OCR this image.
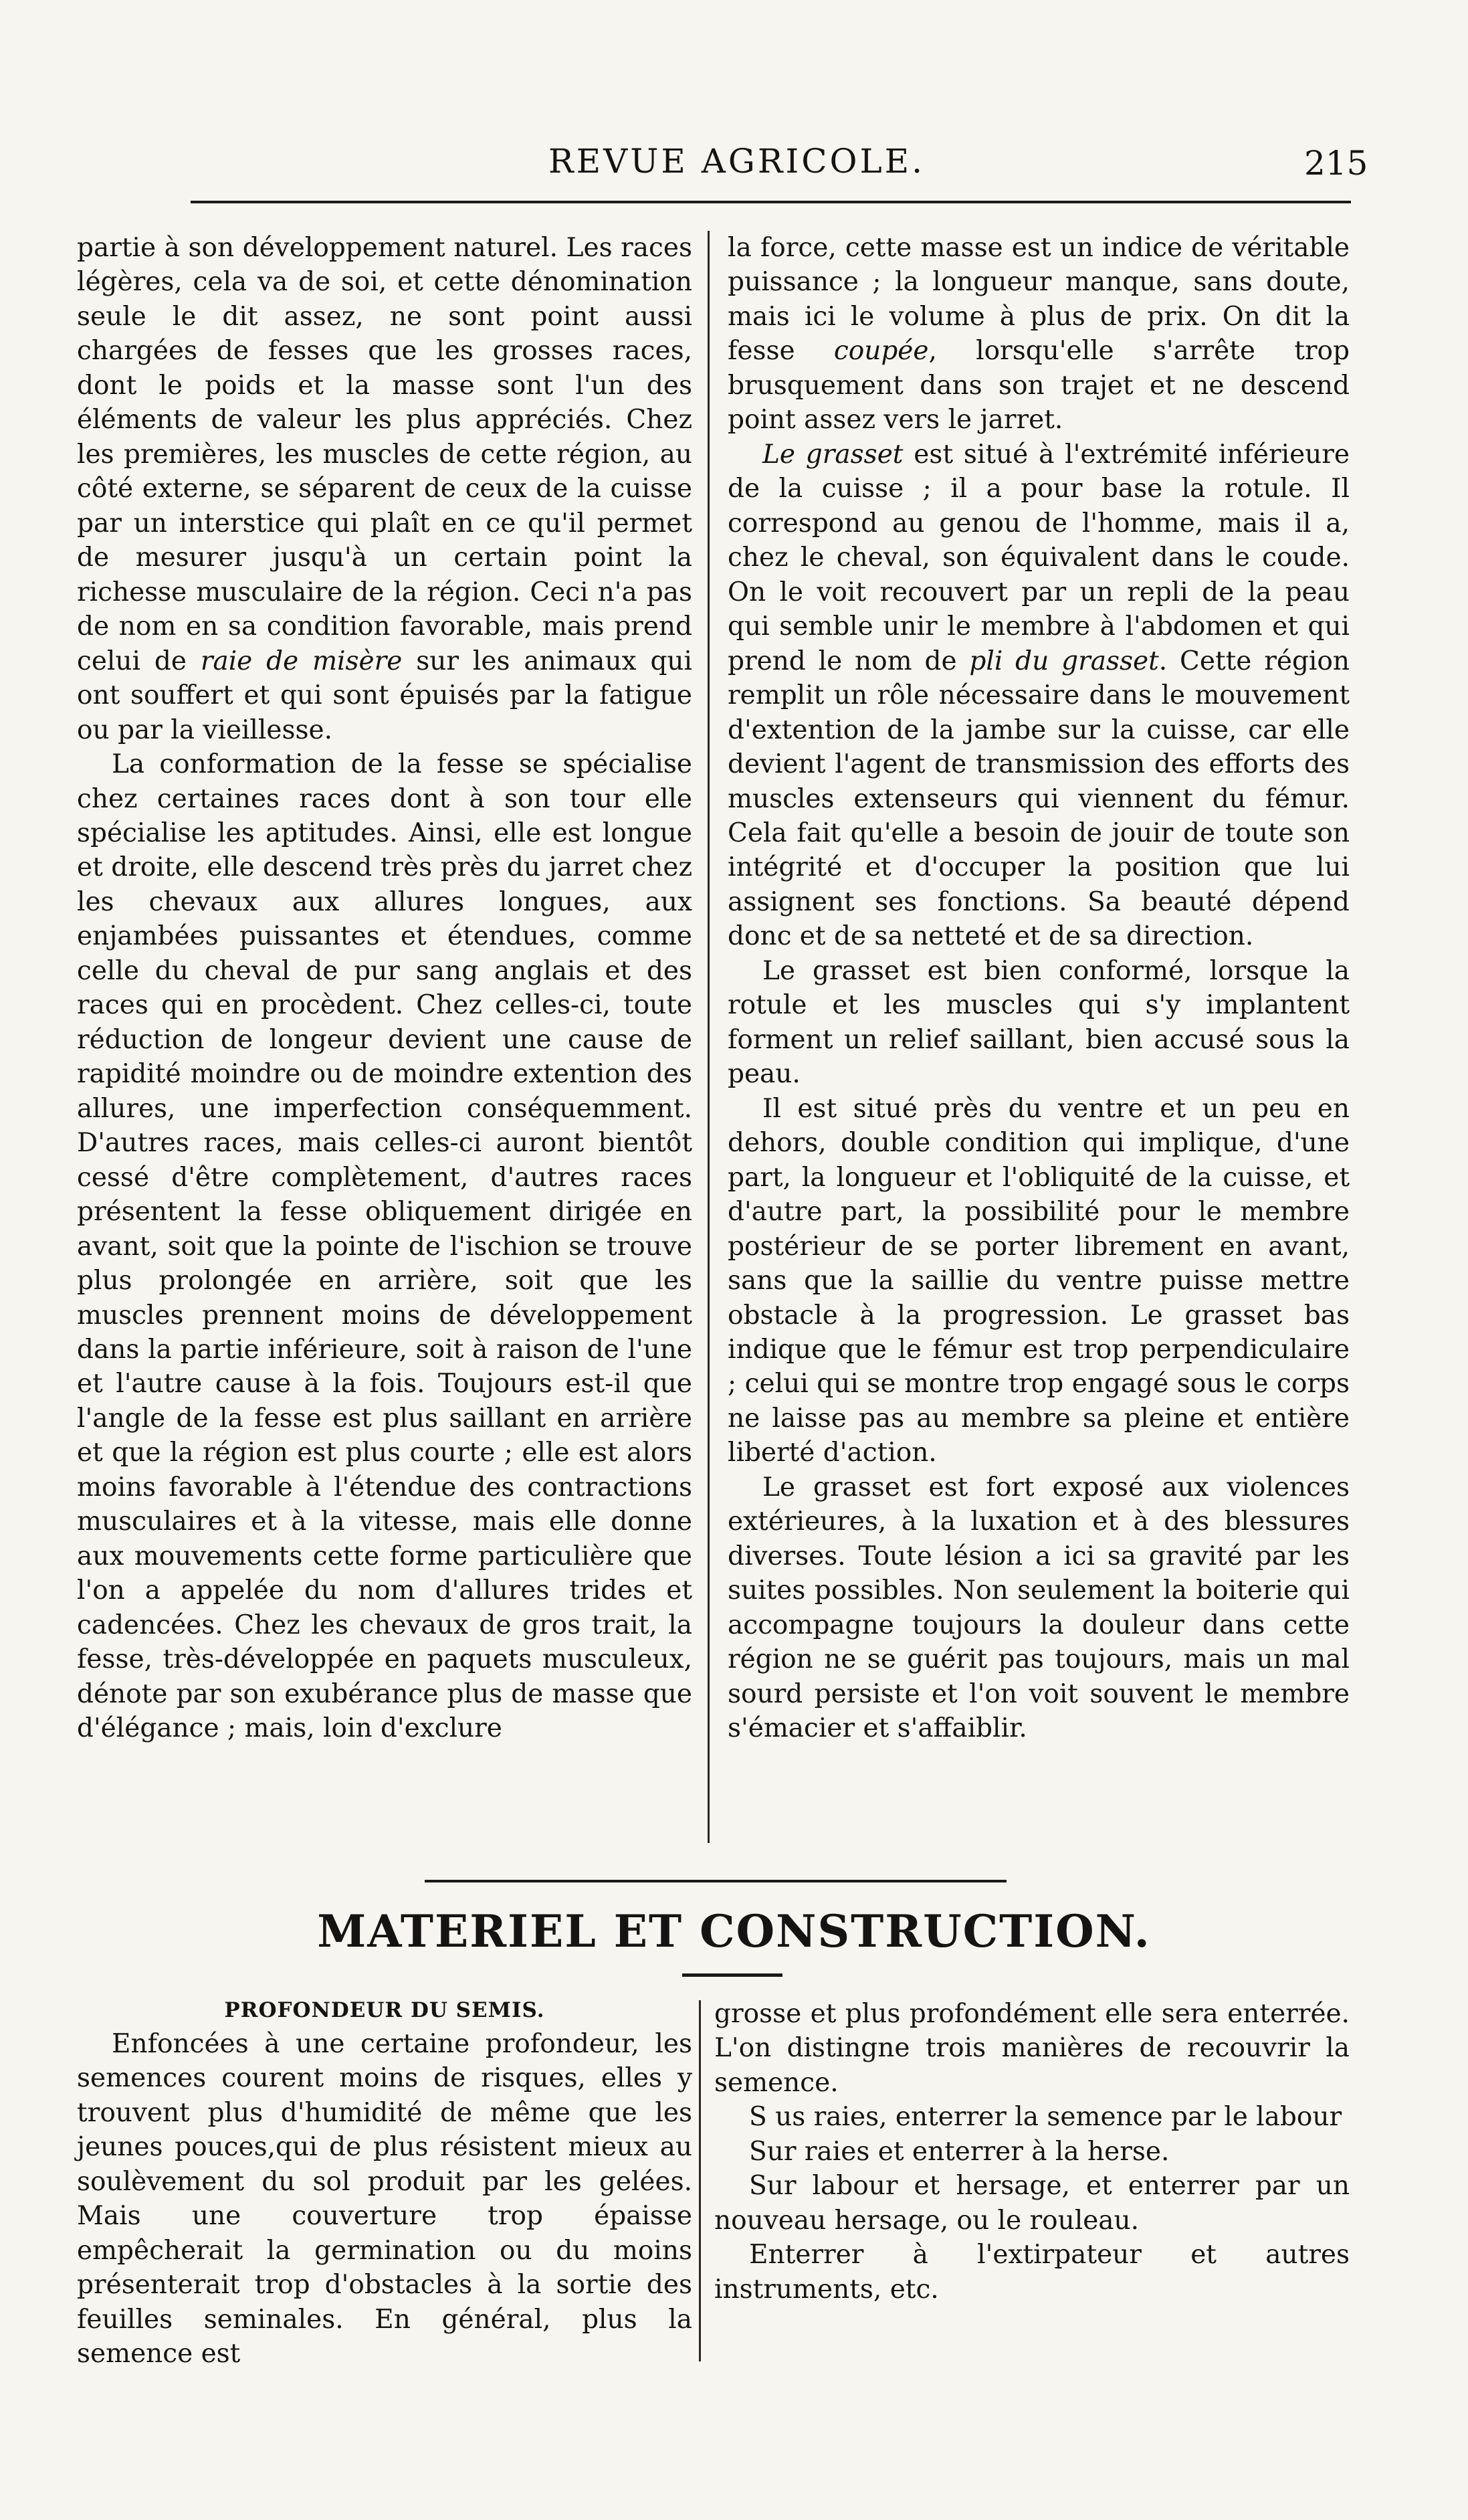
REVUE AGRICOLE.	215

partie à son développement naturel. Les races légères, cela va de soi, et cette dénomination seule le dit assez, ne sont point aussi chargées de fesses que les grosses races, dont le poids et la masse sont l'un des éléments de valeur les plus appréciés. Chez les premières, les muscles de cette région, au côté externe, se séparent de ceux de la cuisse par un interstice qui plaît en ce qu'il permet de mesurer jusqu'à un certain point la richesse musculaire de la région. Ceci n'a pas de nom en sa condition favorable, mais prend celui de raie de misère sur les animaux qui ont souffert et qui sont épuisés par la fatigue ou par la vieillesse.

La conformation de la fesse se spécialise chez certaines races dont à son tour elle spécialise les aptitudes. Ainsi, elle est longue et droite, elle descend très près du jarret chez les chevaux aux allures longues, aux enjambées puissantes et étendues, comme celle du cheval de pur sang anglais et des races qui en procèdent. Chez celles-ci, toute réduction de longeur devient une cause de rapidité moindre ou de moindre extention des allures, une imperfection conséquemment. D'autres races, mais celles-ci auront bientôt cessé d'être complètement, d'autres races présentent la fesse obliquement dirigée en avant, soit que la pointe de l'ischion se trouve plus prolongée en arrière, soit que les muscles prennent moins de développement dans la partie inférieure, soit à raison de l'une et l'autre cause à la fois. Toujours est-il que l'angle de la fesse est plus saillant en arrière et que la région est plus courte ; elle est alors moins favorable à l'étendue des contractions musculaires et à la vitesse, mais elle donne aux mouvements cette forme particulière que l'on a appelée du nom d'allures trides et cadencées. Chez les chevaux de gros trait, la fesse, très-développée en paquets musculeux, dénote par son exubérance plus de masse que d'élégance ; mais, loin d'exclure

la force, cette masse est un indice de véritable puissance ; la longueur manque, sans doute, mais ici le volume à plus de prix. On dit la fesse coupée, lorsqu'elle s'arrête trop brusquement dans son trajet et ne descend point assez vers le jarret.

Le grasset est situé à l'extrémité inférieure de la cuisse ; il a pour base la rotule. Il correspond au genou de l'homme, mais il a, chez le cheval, son équivalent dans le coude. On le voit recouvert par un repli de la peau qui semble unir le membre à l'abdomen et qui prend le nom de pli du grasset. Cette région remplit un rôle nécessaire dans le mouvement d'extention de la jambe sur la cuisse, car elle devient l'agent de transmission des efforts des muscles extenseurs qui viennent du fémur. Cela fait qu'elle a besoin de jouir de toute son intégrité et d'occuper la position que lui assignent ses fonctions. Sa beauté dépend donc et de sa netteté et de sa direction.

Le grasset est bien conformé, lorsque la rotule et les muscles qui s'y implantent forment un relief saillant, bien accusé sous la peau.

Il est situé près du ventre et un peu en dehors, double condition qui implique, d'une part, la longueur et l'obliquité de la cuisse, et d'autre part, la possibilité pour le membre postérieur de se porter librement en avant, sans que la saillie du ventre puisse mettre obstacle à la progression. Le grasset bas indique que le fémur est trop perpendiculaire ; celui qui se montre trop engagé sous le corps ne laisse pas au membre sa pleine et entière liberté d'action.

Le grasset est fort exposé aux violences extérieures, à la luxation et à des blessures diverses. Toute lésion a ici sa gravité par les suites possibles. Non seulement la boiterie qui accompagne toujours la douleur dans cette région ne se guérit pas toujours, mais un mal sourd persiste et l'on voit souvent le membre s'émacier et s'affaiblir.

MATERIEL ET CONSTRUCTION.
PROFONDEUR DU SEMIS.

Enfoncées à une certaine profondeur, les semences courent moins de risques, elles y trouvent plus d'humidité de même que les jeunes pouces,qui de plus résistent mieux au soulèvement du sol produit par les gelées. Mais une couverture trop épaisse empêcherait la germination ou du moins présenterait trop d'obstacles à la sortie des feuilles seminales. En général, plus la semence est

grosse et plus profondément elle sera enterrée. L'on distingne trois manières de recouvrir la semence.

S us raies, enterrer la semence par le labour

Sur raies et enterrer à la herse.

Sur labour et hersage, et enterrer par un nouveau hersage, ou le rouleau.

Enterrer à l'extirpateur et autres instruments, etc.
